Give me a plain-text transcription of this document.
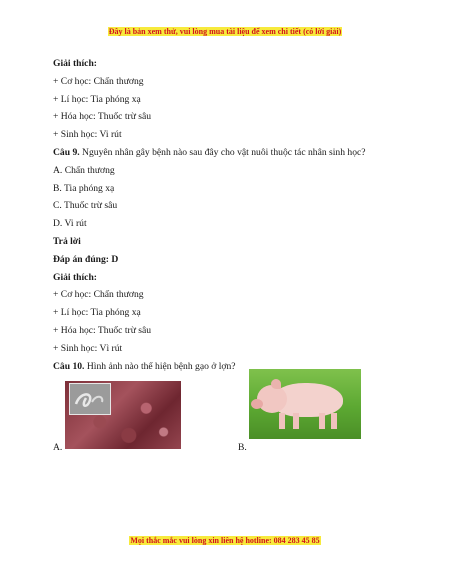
Đây là bản xem thử, vui lòng mua tài liệu để xem chi tiết (có lời giải)
Giải thích:
+ Cơ học: Chấn thương
+ Lí học: Tia phóng xạ
+ Hóa học: Thuốc trừ sâu
+ Sinh học: Vi rút
Câu 9. Nguyên nhân gây bệnh nào sau đây cho vật nuôi thuộc tác nhân sinh học?
A. Chấn thương
B. Tia phóng xạ
C. Thuốc trừ sâu
D. Vi rút
Trả lời
Đáp án đúng: D
Giải thích:
+ Cơ học: Chấn thương
+ Lí học: Tia phóng xạ
+ Hóa học: Thuốc trừ sâu
+ Sinh học: Vì rút
Câu 10. Hình ảnh nào thể hiện bệnh gạo ở lợn?
A.	B.
Mọi thắc mắc vui lòng xin liên hệ hotline: 084 283 45 85
